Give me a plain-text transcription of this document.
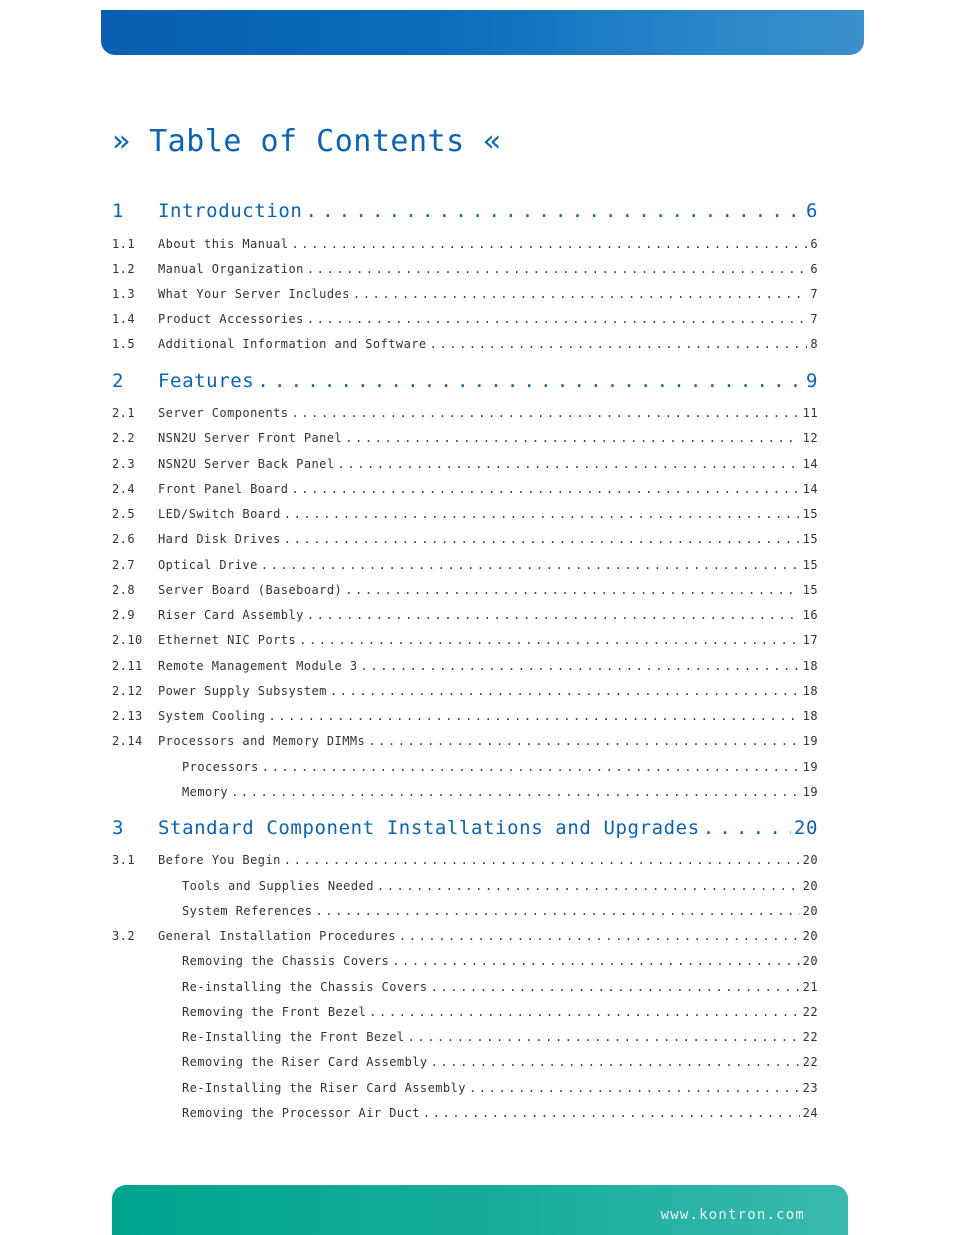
» Table of Contents «
1	Introduction .....	6
1.1	About this Manual .....	6
1.2	Manual Organization .....	6
1.3	What Your Server Includes .....	7
1.4	Product Accessories .....	7
1.5	Additional Information and Software .....	8
2	Features .....	9
2.1	Server Components .....	11
2.2	NSN2U Server Front Panel .....	12
2.3	NSN2U Server Back Panel .....	14
2.4	Front Panel Board .....	14
2.5	LED/Switch Board .....	15
2.6	Hard Disk Drives .....	15
2.7	Optical Drive .....	15
2.8	Server Board (Baseboard) .....	15
2.9	Riser Card Assembly .....	16
2.10	Ethernet NIC Ports .....	17
2.11	Remote Management Module 3 .....	18
2.12	Power Supply Subsystem .....	18
2.13	System Cooling .....	18
2.14	Processors and Memory DIMMs .....	19
Processors .....	19
Memory .....	19
3	Standard Component Installations and Upgrades .....	20
3.1	Before You Begin .....	20
Tools and Supplies Needed .....	20
System References .....	20
3.2	General Installation Procedures .....	20
Removing the Chassis Covers .....	20
Re-installing the Chassis Covers .....	21
Removing the Front Bezel .....	22
Re-Installing the Front Bezel .....	22
Removing the Riser Card Assembly .....	22
Re-Installing the Riser Card Assembly .....	23
Removing the Processor Air Duct .....	24
www.kontron.com
